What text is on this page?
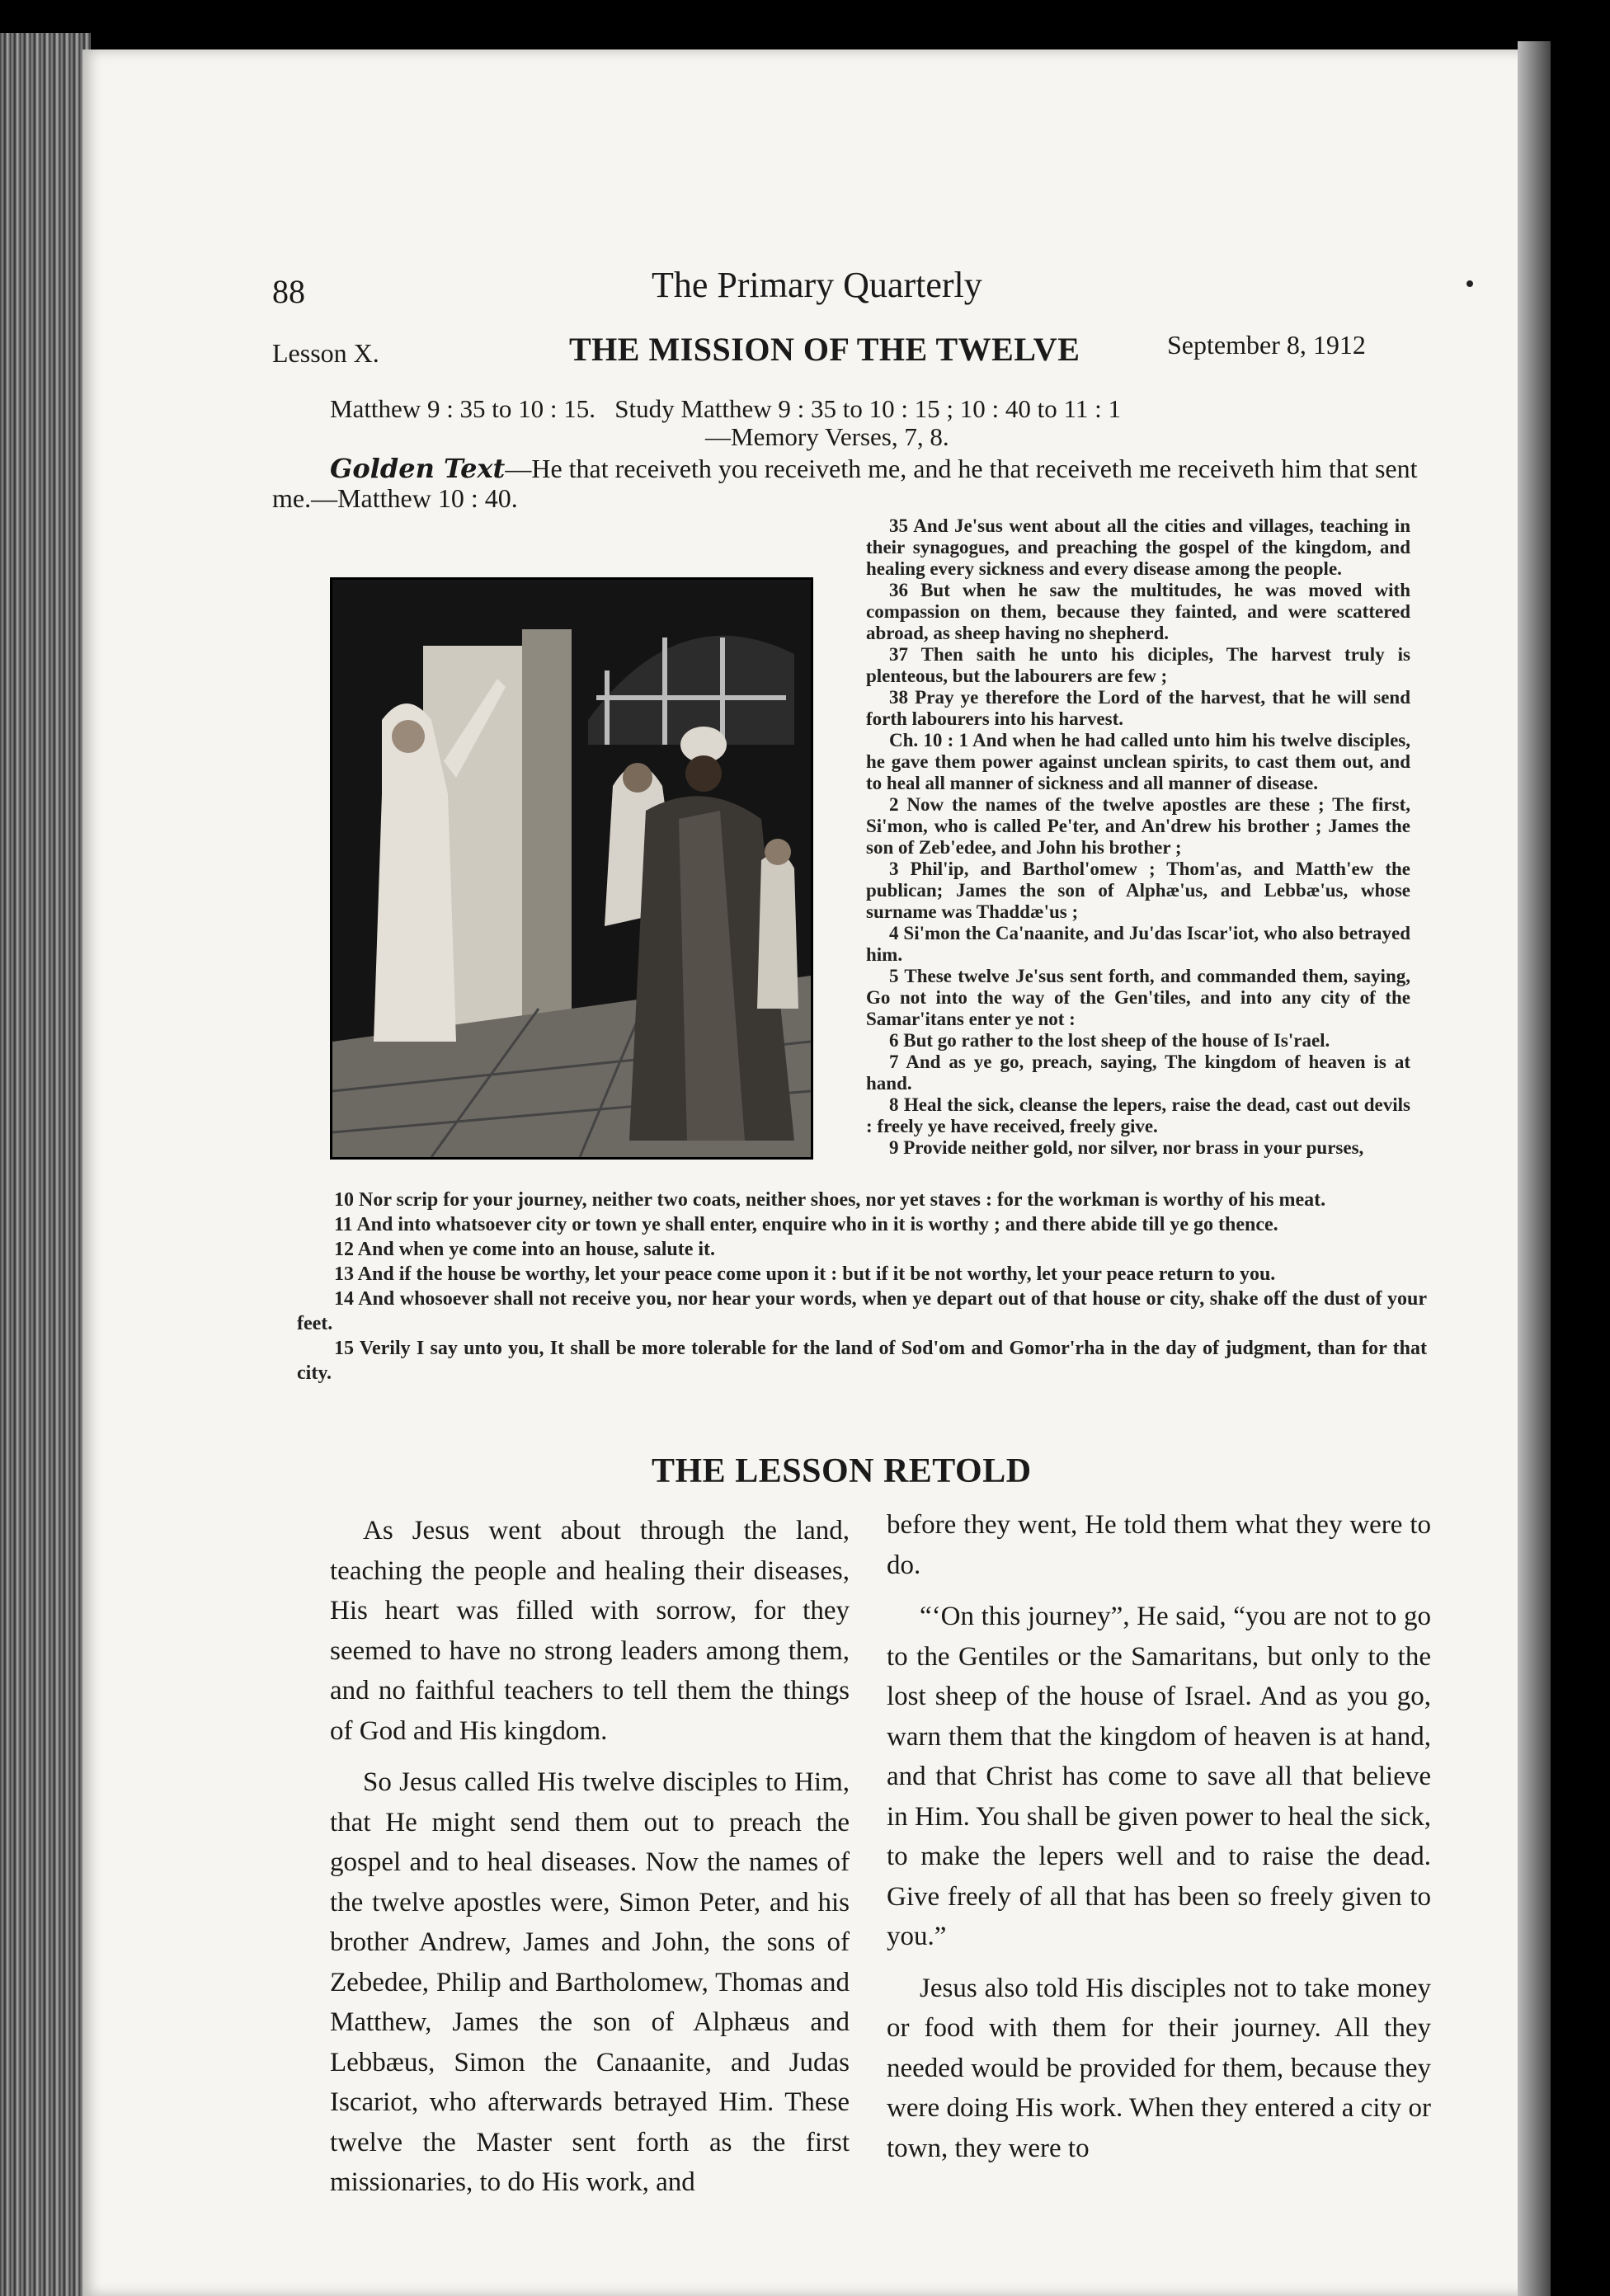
88	The Primary Quarterly
Lesson X.	THE MISSION OF THE TWELVE	September 8, 1912
Matthew 9 : 35 to 10 : 15. Study Matthew 9 : 35 to 10 : 15 ; 10 : 40 to 11 : 1
—Memory Verses, 7, 8.
Golden Text—He that receiveth you receiveth me, and he that receiveth me receiveth him that sent me.—Matthew 10 : 40.

35 And Je'sus went about all the cities and villages, teaching in their synagogues, and preaching the gospel of the kingdom, and healing every sickness and every disease among the people.

36 But when he saw the multitudes, he was moved with compassion on them, because they fainted, and were scattered abroad, as sheep having no shepherd.

37 Then saith he unto his diciples, The harvest truly is plenteous, but the labourers are few ;

38 Pray ye therefore the Lord of the harvest, that he will send forth labourers into his harvest.

Ch. 10 : 1 And when he had called unto him his twelve disciples, he gave them power against unclean spirits, to cast them out, and to heal all manner of sickness and all manner of disease.

2 Now the names of the twelve apostles are these ; The first, Si'mon, who is called Pe'ter, and An'drew his brother ; James the son of Zeb'edee, and John his brother ;

3 Phil'ip, and Barthol'omew ; Thom'as, and Matth'ew the publican; James the son of Alphæ'us, and Lebbæ'us, whose surname was Thaddæ'us ;

4 Si'mon the Ca'naanite, and Ju'das Iscar'iot, who also betrayed him.

5 These twelve Je'sus sent forth, and commanded them, saying, Go not into the way of the Gen'tiles, and into any city of the Samar'itans enter ye not :

6 But go rather to the lost sheep of the house of Is'rael.

7 And as ye go, preach, saying, The kingdom of heaven is at hand.

8 Heal the sick, cleanse the lepers, raise the dead, cast out devils : freely ye have received, freely give.

9 Provide neither gold, nor silver, nor brass in your purses,

10 Nor scrip for your journey, neither two coats, neither shoes, nor yet staves : for the workman is worthy of his meat.

11 And into whatsoever city or town ye shall enter, enquire who in it is worthy ; and there abide till ye go thence.

12 And when ye come into an house, salute it.

13 And if the house be worthy, let your peace come upon it : but if it be not worthy, let your peace return to you.

14 And whosoever shall not receive you, nor hear your words, when ye depart out of that house or city, shake off the dust of your feet.

15 Verily I say unto you, It shall be more tolerable for the land of Sod'om and Gomor'rha in the day of judgment, than for that city.

THE LESSON RETOLD

As Jesus went about through the land, teaching the people and healing their diseases, His heart was filled with sorrow, for they seemed to have no strong leaders among them, and no faithful teachers to tell them the things of God and His kingdom.

So Jesus called His twelve disciples to Him, that He might send them out to preach the gospel and to heal diseases. Now the names of the twelve apostles were, Simon Peter, and his brother Andrew, James and John, the sons of Zebedee, Philip and Bartholomew, Thomas and Matthew, James the son of Alphæus and Lebbæus, Simon the Canaanite, and Judas Iscariot, who afterwards betrayed Him. These twelve the Master sent forth as the first missionaries, to do His work, and

before they went, He told them what they were to do.

“‘On this journey”, He said, “you are not to go to the Gentiles or the Samaritans, but only to the lost sheep of the house of Israel. And as you go, warn them that the kingdom of heaven is at hand, and that Christ has come to save all that believe in Him. You shall be given power to heal the sick, to make the lepers well and to raise the dead. Give freely of all that has been so freely given to you.”

Jesus also told His disciples not to take money or food with them for their journey. All they needed would be provided for them, because they were doing His work. When they entered a city or town, they were to
